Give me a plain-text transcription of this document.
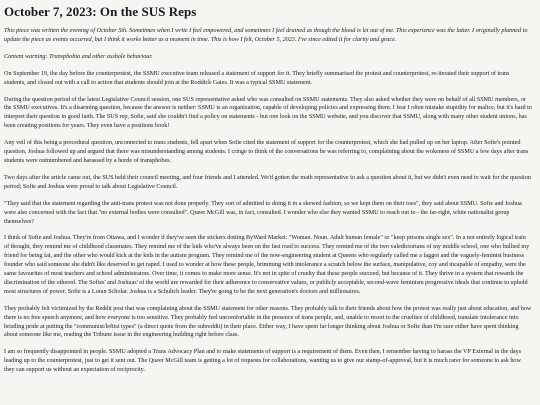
October 7, 2023: On the SUS Reps

This piece was written the evening of October 5th. Sometimes when I write I feel empowered, and sometimes I feel drained as though the blood is let out of me. This experience was the latter. I originally planned to update the piece as events occurred, but I think it works better as a moment in time. This is how I felt, October 5, 2023. I've since edited it for clarity and grace.

Content warning: Transphobia and other asshole behaviour.

On September 19, the day before the counterprotest, the SSMU executive team released a statement of support for it. They briefly summarised the protest and counterprotest, re-iterated their support of trans students, and closed out with a call to action that students should join at the Roddick Gates. It was a typical SSMU statement.

During the question period of the latest Legislative Council session, one SUS representative asked who was consulted on SSMU statements. They also asked whether they were on behalf of all SSMU members, or the SSMU executives. It's a disarming question, because the answer is neither: SSMU is an organization, capable of developing policies and expressing them. I fear I often mistake stupidity for malice, but it's hard to interpret their question in good faith. The SUS rep, Sofie, said she couldn't find a policy on statements - but one look on the SSMU website, and you discover that SSMU, along with many other student unions, has been creating positions for years. They even have a positions book!

Any veil of this being a procedural question, unconnected to trans students, fell apart when Sofie cited the statement of support for the counterprotest, which she had pulled up on her laptop. After Sofie's pointed question, Joshua followed up and argued that there was misunderstanding among students. I cringe to think of the conversations he was referring to, complaining about the wokeness of SSMU a few days after trans students were outnumbered and harassed by a horde of transphobes.

Two days after the article came out, the SUS held their council meeting, and four friends and I attended. We'd gotten the math representative to ask a question about it, but we didn't even need to wait for the question period; Sofie and Joshua were proud to talk about Legislative Council.

"They said that the statement regarding the anti-trans protest was not done properly. They sort of admitted to doing it in a skewed fashion, so we kept them on their toes", they said about SSMU. Sofie and Joshua were also concerned with the fact that "no external bodies were consulted". Queer McGill was, in fact, consulted. I wonder who else they wanted SSMU to reach out to - the far-right, white nationalist group themselves?

I think of Sofie and Joshua. They're from Ottawa, and I wonder if they've seen the stickers dotting ByWard Market: "Woman. Noun. Adult human female" or "keep prisons single sex". In a not entirely logical train of thought, they remind me of childhood classmates. They remind me of the kids who've always been on the fast road to success. They remind me of the two valedictorians of my middle school, one who bullied my friend for being fat, and the other who would kick at the kids in the autism program. They remind me of the now-engineering student at Queens who regularly called me a faggot and the vaguely-feminist business founder who said someone she didn't like deserved to get raped. I used to wonder at how these people, brimming with intolerance a scratch below the surface, manipulative, coy and incapable of empathy, were the same favourites of most teachers and school administrators. Over time, it comes to make more sense. It's not in spite of cruelty that these people succeed, but because of it. They thrive in a system that rewards the discrimination of the othered. The Sofies' and Joshuas' of the world are rewarded for their adherence to conservative values, or publicly acceptable, second-wave feminism progressive ideals that continue to uphold most structures of power. Sofie is a Loran Scholar. Joshua is a Schulich leader. They're going to be the next generation's doctors and millionaires.

They probably felt victimized by the Reddit post that was complaining about the SSMU statement for other reasons. They probably talk to their friends about how the protest was really just about education, and how there is no free speech anymore, and how everyone is too sensitive. They probably feel uncomfortable in the presence of trans people, and, unable to resort to the cruelties of childhood, translate intolerance into bristling pride at putting the "communist/leftist types" (a direct quote from the subreddit) in their place. Either way, I have spent far longer thinking about Joshua or Sofie than I'm sure either have spent thinking about someone like me, reading the Tribune issue in the engineering building right before class.

I am so frequently disappointed in people. SSMU adopted a Trans Advocacy Plan and to make statements of support is a requirement of them. Even then, I remember having to harass the VP External in the days leading up to the counterprotest, just to get it sent out. The Queer McGill team is getting a lot of requests for collaborations, wanting us to give our stamp-of-approval, but it is much rarer for someone to ask how they can support us without an expectation of reciprocity.
